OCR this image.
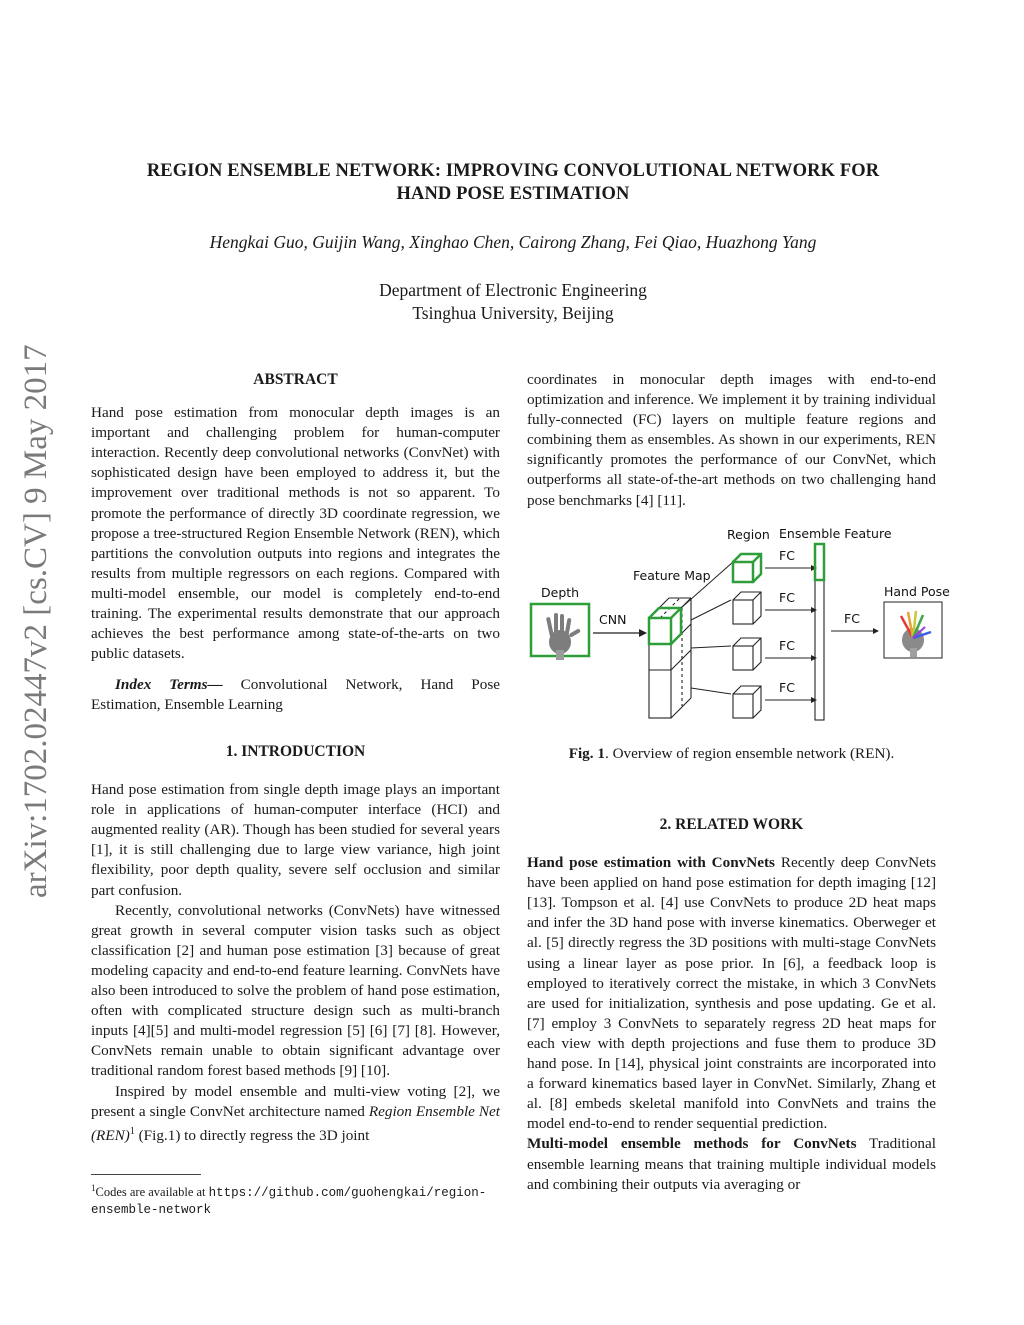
arXiv:1702.02447v2 [cs.CV] 9 May 2017
REGION ENSEMBLE NETWORK: IMPROVING CONVOLUTIONAL NETWORK FOR
HAND POSE ESTIMATION
Hengkai Guo, Guijin Wang, Xinghao Chen, Cairong Zhang, Fei Qiao, Huazhong Yang
Department of Electronic Engineering
Tsinghua University, Beijing
ABSTRACT

Hand pose estimation from monocular depth images is an important and challenging problem for human-computer interaction. Recently deep convolutional networks (ConvNet) with sophisticated design have been employed to address it, but the improvement over traditional methods is not so apparent. To promote the performance of directly 3D coordinate regression, we propose a tree-structured Region Ensemble Network (REN), which partitions the convolution outputs into regions and integrates the results from multiple regressors on each regions. Compared with multi-model ensemble, our model is completely end-to-end training. The experimental results demonstrate that our approach achieves the best performance among state-of-the-arts on two public datasets.

Index Terms— Convolutional Network, Hand Pose Estimation, Ensemble Learning

1. INTRODUCTION

Hand pose estimation from single depth image plays an important role in applications of human-computer interface (HCI) and augmented reality (AR). Though has been studied for several years [1], it is still challenging due to large view variance, high joint flexibility, poor depth quality, severe self occlusion and similar part confusion.

Recently, convolutional networks (ConvNets) have witnessed great growth in several computer vision tasks such as object classification [2] and human pose estimation [3] because of great modeling capacity and end-to-end feature learning. ConvNets have also been introduced to solve the problem of hand pose estimation, often with complicated structure design such as multi-branch inputs [4][5] and multi-model regression [5] [6] [7] [8]. However, ConvNets remain unable to obtain significant advantage over traditional random forest based methods [9] [10].

Inspired by model ensemble and multi-view voting [2], we present a single ConvNet architecture named Region Ensemble Net (REN)$^1$ (Fig.1) to directly regress the 3D joint

$^1$Codes are available at https://github.com/guohengkai/region-ensemble-network

coordinates in monocular depth images with end-to-end optimization and inference. We implement it by training individual fully-connected (FC) layers on multiple feature regions and combining them as ensembles. As shown in our experiments, REN significantly promotes the performance of our ConvNet, which outperforms all state-of-the-art methods on two challenging hand pose benchmarks [4] [11].

Depth
CNN
Feature Map
Region
FC
FC
FC
FC
Ensemble Feature
FC
Hand Pose
Fig. 1. Overview of region ensemble network (REN).
2. RELATED WORK

Hand pose estimation with ConvNets Recently deep ConvNets have been applied on hand pose estimation for depth imaging [12][13]. Tompson et al. [4] use ConvNets to produce 2D heat maps and infer the 3D hand pose with inverse kinematics. Oberweger et al. [5] directly regress the 3D positions with multi-stage ConvNets using a linear layer as pose prior. In [6], a feedback loop is employed to iteratively correct the mistake, in which 3 ConvNets are used for initialization, synthesis and pose updating. Ge et al. [7] employ 3 ConvNets to separately regress 2D heat maps for each view with depth projections and fuse them to produce 3D hand pose. In [14], physical joint constraints are incorporated into a forward kinematics based layer in ConvNet. Similarly, Zhang et al. [8] embeds skeletal manifold into ConvNets and trains the model end-to-end to render sequential prediction.

Multi-model ensemble methods for ConvNets Traditional ensemble learning means that training multiple individual models and combining their outputs via averaging or
